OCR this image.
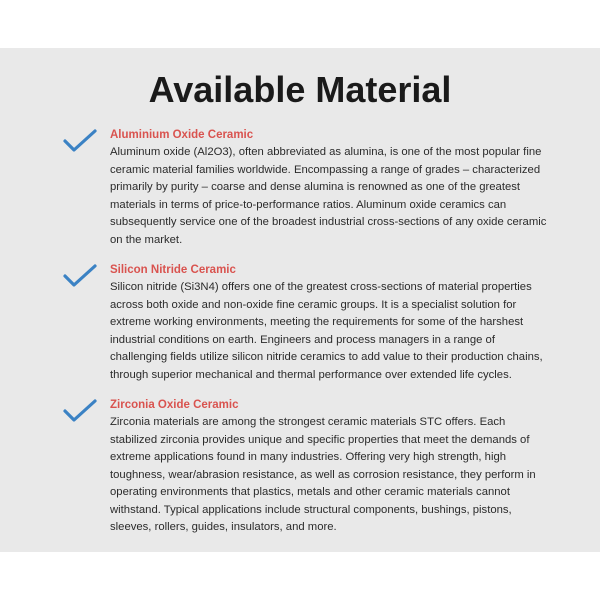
Available Material
Aluminium Oxide Ceramic

Aluminum oxide (Al2O3), often abbreviated as alumina, is one of the most popular fine ceramic material families worldwide. Encompassing a range of grades – characterized primarily by purity – coarse and dense alumina is renowned as one of the greatest materials in terms of price-to-performance ratios. Aluminum oxide ceramics can subsequently service one of the broadest industrial cross-sections of any oxide ceramic on the market.

Silicon Nitride Ceramic

Silicon nitride (Si3N4) offers one of the greatest cross-sections of material properties across both oxide and non-oxide fine ceramic groups. It is a specialist solution for extreme working environments, meeting the requirements for some of the harshest industrial conditions on earth. Engineers and process managers in a range of challenging fields utilize silicon nitride ceramics to add value to their production chains, through superior mechanical and thermal performance over extended life cycles.

Zirconia Oxide Ceramic

Zirconia materials are among the strongest ceramic materials STC offers. Each stabilized zirconia provides unique and specific properties that meet the demands of extreme applications found in many industries. Offering very high strength, high toughness, wear/abrasion resistance, as well as corrosion resistance, they perform in operating environments that plastics, metals and other ceramic materials cannot withstand. Typical applications include structural components, bushings, pistons, sleeves, rollers, guides, insulators, and more.
